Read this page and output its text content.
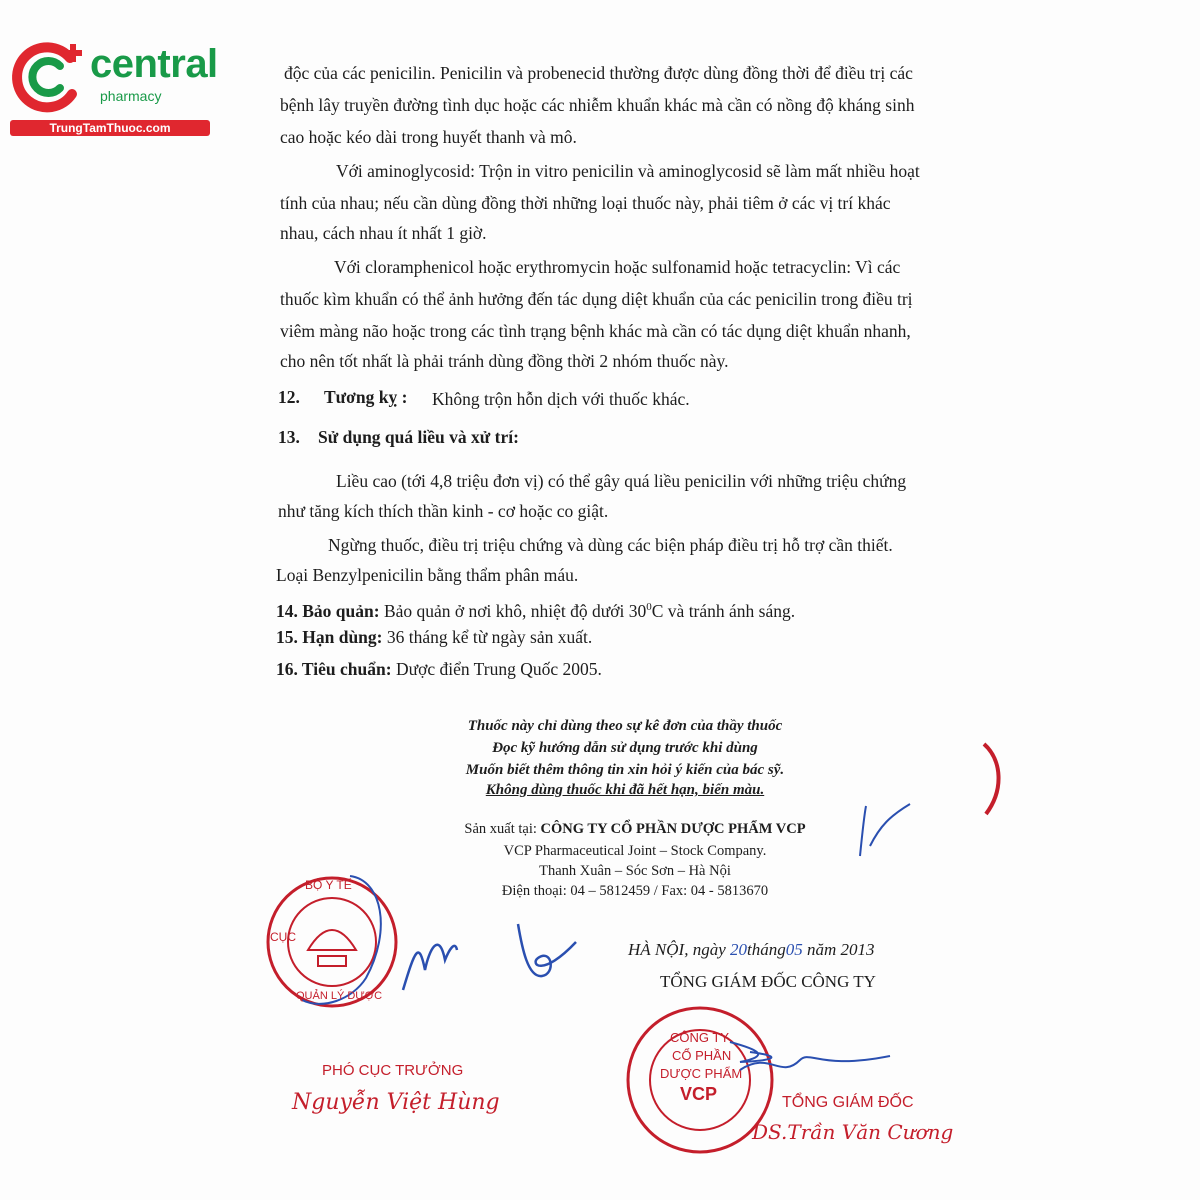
central
pharmacy
TrungTamThuoc.com
độc của các penicilin. Penicilin và probenecid thường được dùng đồng thời để điều trị các
bệnh lây truyền đường tình dục hoặc các nhiễm khuẩn khác mà cần có nồng độ kháng sinh
cao hoặc kéo dài trong huyết thanh và mô.
Với aminoglycosid: Trộn in vitro penicilin và aminoglycosid sẽ làm mất nhiều hoạt
tính của nhau; nếu cần dùng đồng thời những loại thuốc này, phải tiêm ở các vị trí khác
nhau, cách nhau ít nhất 1 giờ.
Với cloramphenicol hoặc erythromycin hoặc sulfonamid hoặc tetracyclin: Vì các
thuốc kìm khuẩn có thể ảnh hưởng đến tác dụng diệt khuẩn của các penicilin trong điều trị
viêm màng não hoặc trong các tình trạng bệnh khác mà cần có tác dụng diệt khuẩn nhanh,
cho nên tốt nhất là phải tránh dùng đồng thời 2 nhóm thuốc này.
12. Tương kỵ : Không trộn hỗn dịch với thuốc khác.
13. Sử dụng quá liều và xử trí:
Liều cao (tới 4,8 triệu đơn vị) có thể gây quá liều penicilin với những triệu chứng
như tăng kích thích thần kinh - cơ hoặc co giật.
Ngừng thuốc, điều trị triệu chứng và dùng các biện pháp điều trị hỗ trợ cần thiết.
Loại Benzylpenicilin bằng thẩm phân máu.
14. Bảo quản: Bảo quản ở nơi khô, nhiệt độ dưới $30^0C$ và tránh ánh sáng.
15. Hạn dùng: 36 tháng kể từ ngày sản xuất.
16. Tiêu chuẩn: Dược điển Trung Quốc 2005.
Thuốc này chỉ dùng theo sự kê đơn của thầy thuốc
Đọc kỹ hướng dẫn sử dụng trước khi dùng
Muốn biết thêm thông tin xin hỏi ý kiến của bác sỹ.
Không dùng thuốc khi đã hết hạn, biến màu.
Sản xuất tại: CÔNG TY CỔ PHẦN DƯỢC PHẨM VCP
VCP Pharmaceutical Joint – Stock Company.
Thanh Xuân – Sóc Sơn – Hà Nội
Điện thoại: 04 – 5812459 / Fax: 04 - 5813670
BỘ Y TẾ
CỤC
QUẢN LÝ DƯỢC
HÀ NỘI, ngày 20tháng05 năm 2013
TỔNG GIÁM ĐỐC CÔNG TY
CÔNG TY
CỔ PHẦN
DƯỢC PHẨM
VCP
PHÓ CỤC TRƯỞNG
Nguyễn Việt Hùng	TỔNG GIÁM ĐỐC
DS.Trần Văn Cương
